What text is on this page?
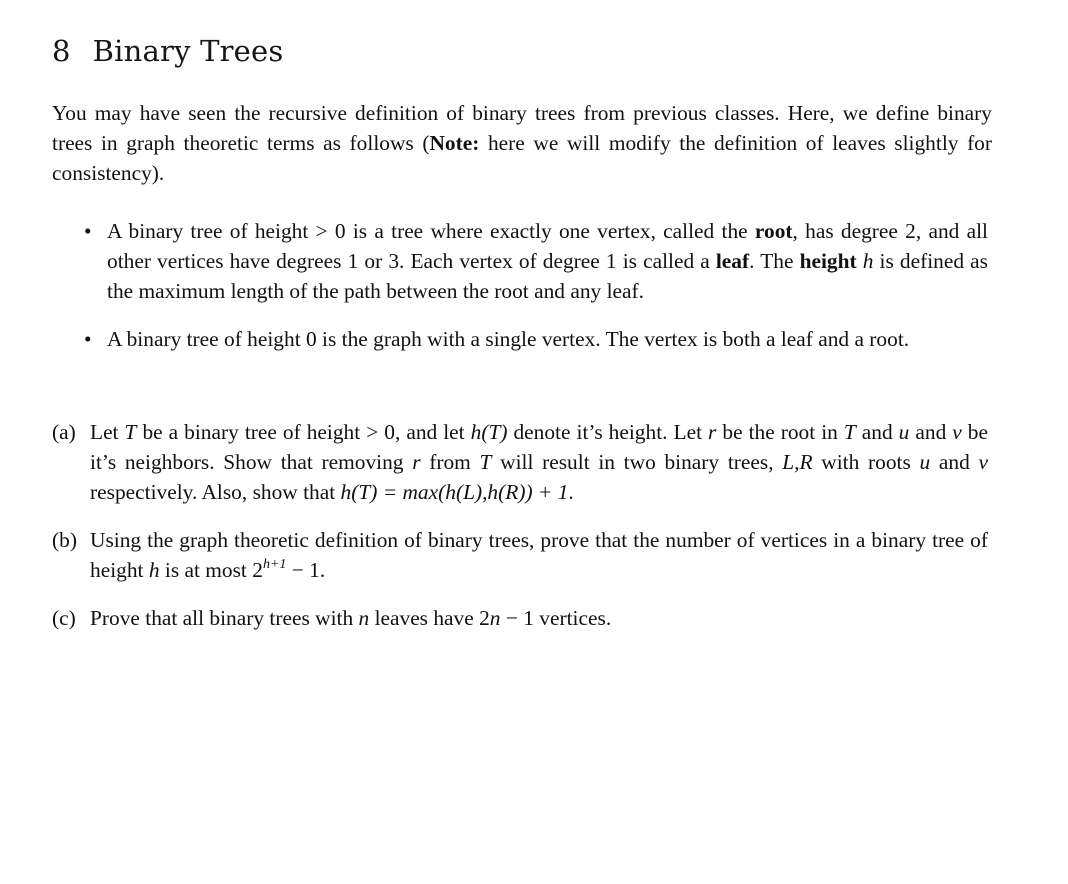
8 Binary Trees

You may have seen the recursive definition of binary trees from previous classes. Here, we define binary trees in graph theoretic terms as follows (Note: here we will modify the definition of leaves slightly for consistency).

• A binary tree of height > 0 is a tree where exactly one vertex, called the root, has degree 2, and all other vertices have degrees 1 or 3. Each vertex of degree 1 is called a leaf. The height h is defined as the maximum length of the path between the root and any leaf.

• A binary tree of height 0 is the graph with a single vertex. The vertex is both a leaf and a root.

(a) Let T be a binary tree of height > 0, and let h(T) denote it’s height. Let r be the root in T and u and v be it’s neighbors. Show that removing r from T will result in two binary trees, L,R with roots u and v respectively. Also, show that h(T) = max(h(L),h(R)) + 1.

(b) Using the graph theoretic definition of binary trees, prove that the number of vertices in a binary tree of height h is at most $2^{h+1} - 1$.

(c) Prove that all binary trees with n leaves have 2n − 1 vertices.
